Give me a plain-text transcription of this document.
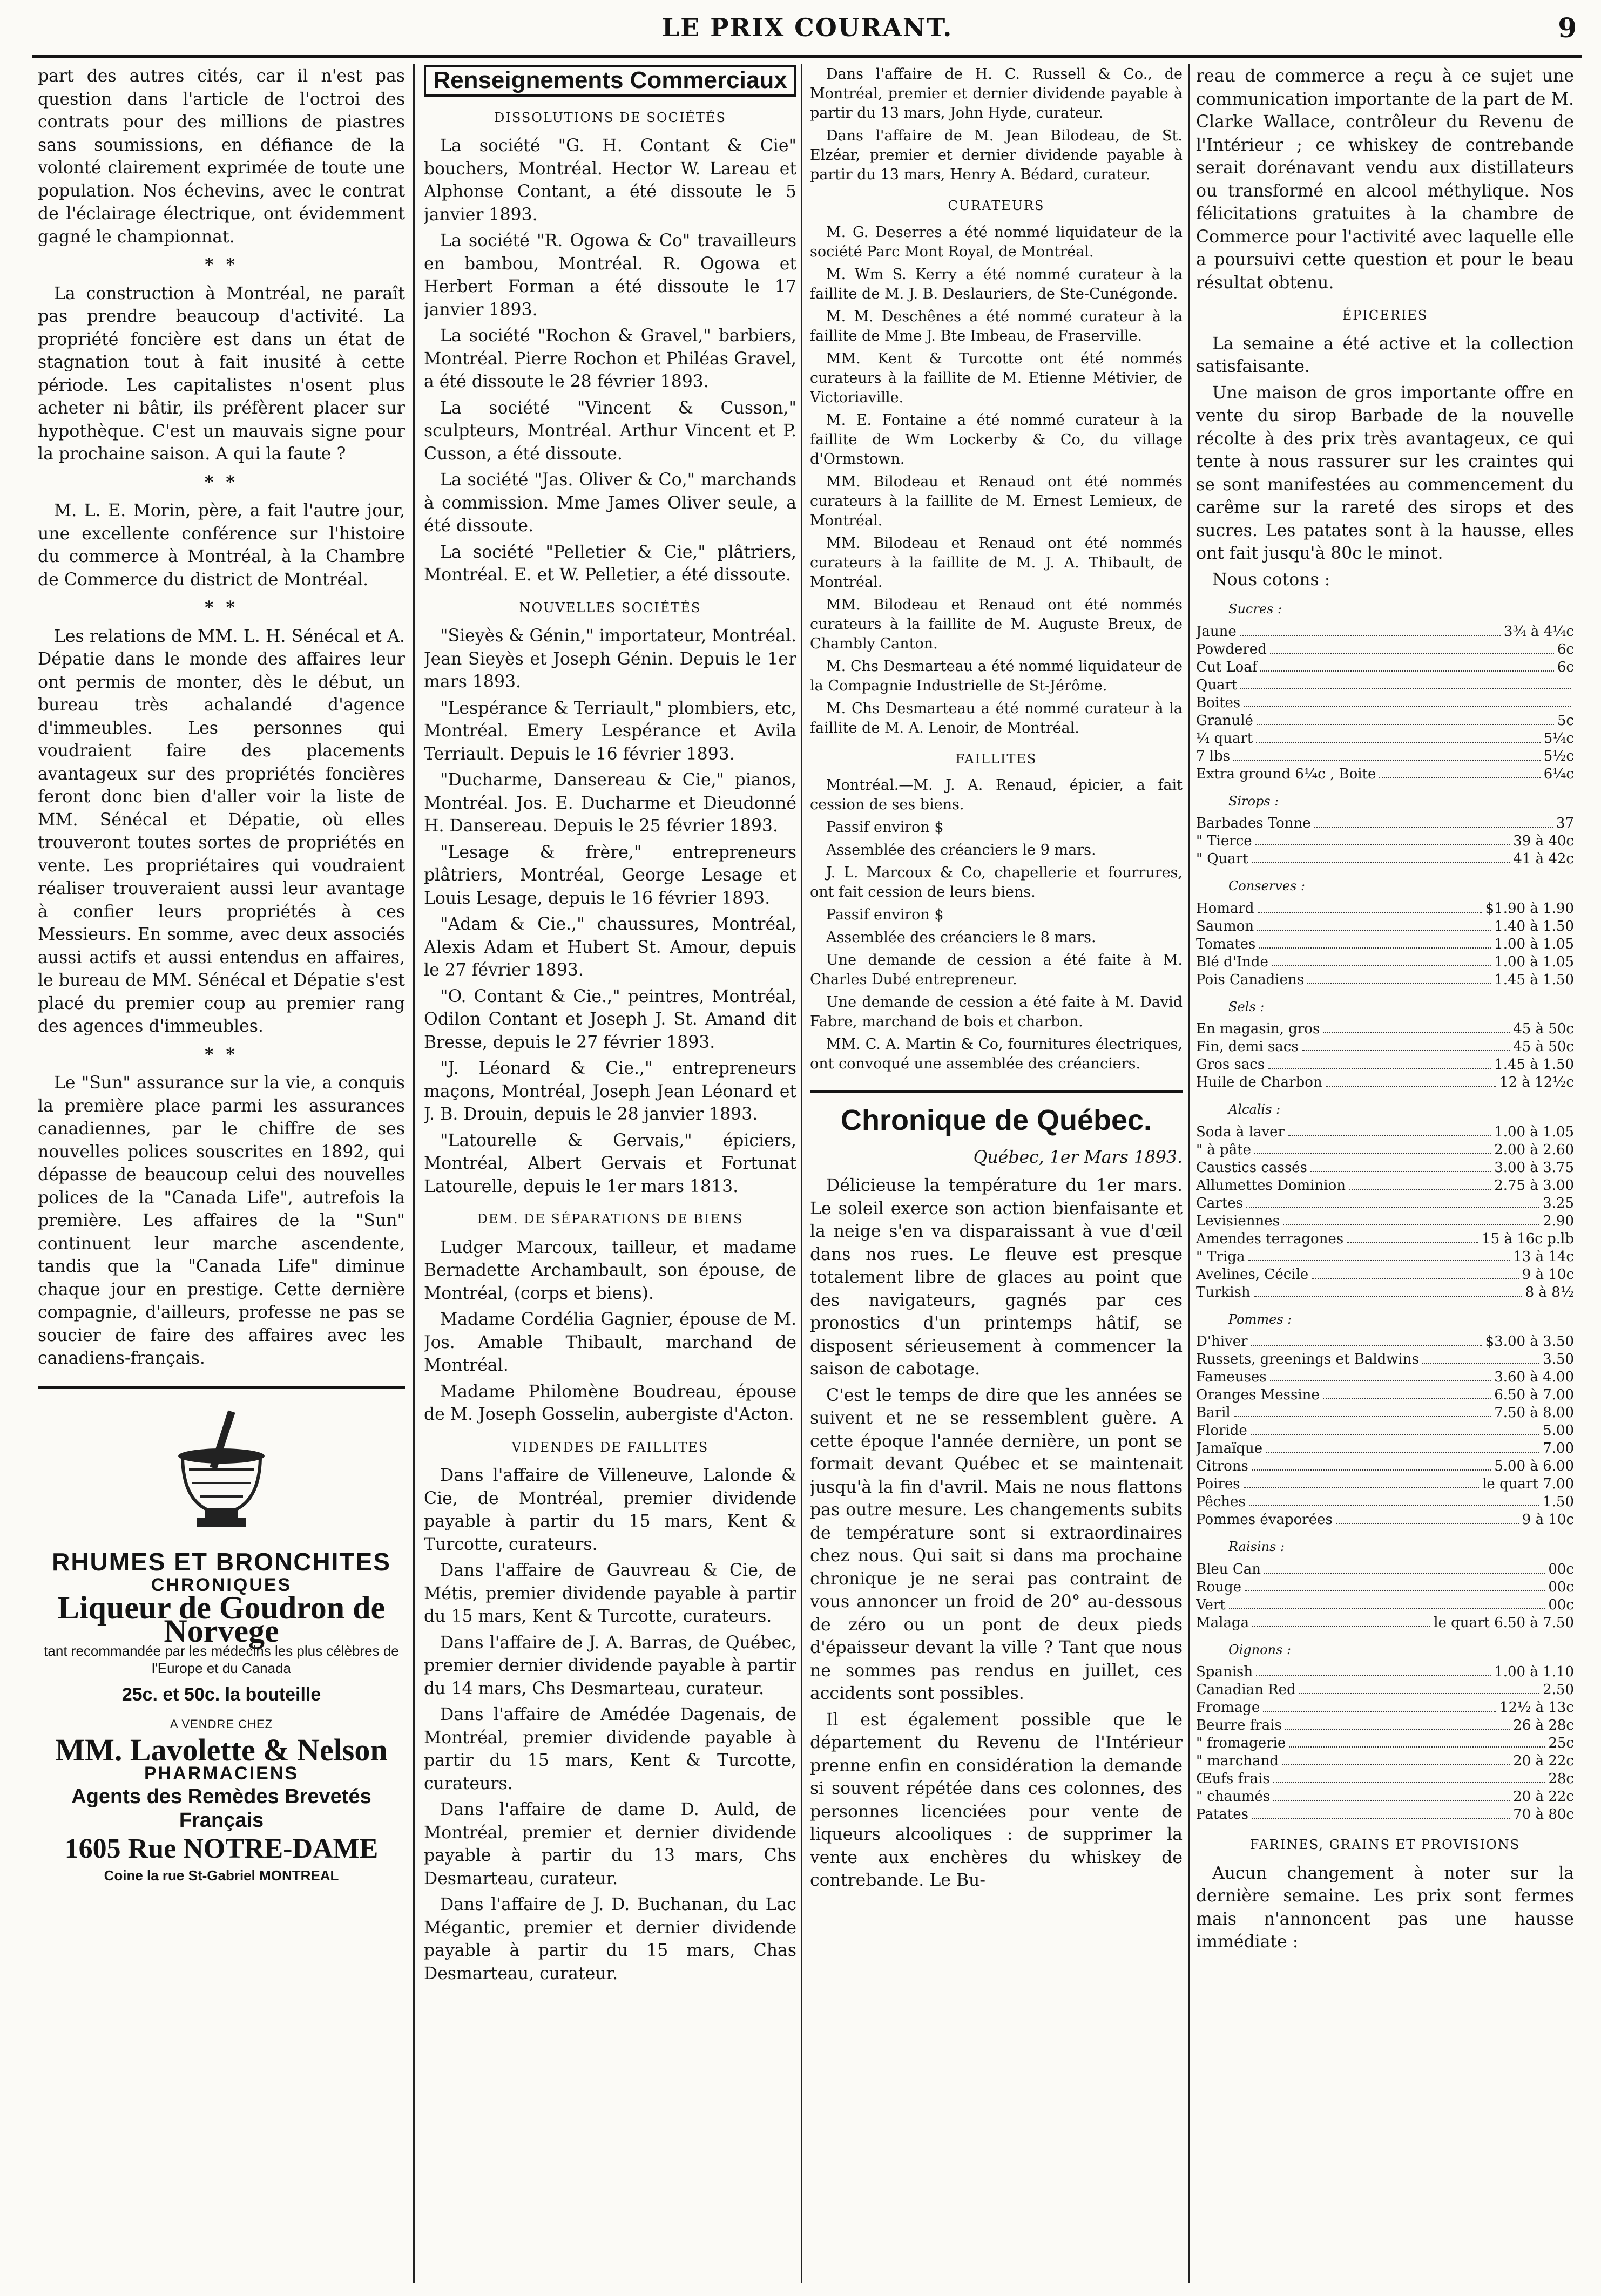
LE PRIX COURANT.	9

part des autres cités, car il n'est pas question dans l'article de l'octroi des contrats pour des millions de piastres sans soumissions, en défiance de la volonté clairement exprimée de toute une population. Nos échevins, avec le contrat de l'éclairage électrique, ont évidemment gagné le championnat.

* *

La construction à Montréal, ne paraît pas prendre beaucoup d'activité. La propriété foncière est dans un état de stagnation tout à fait inusité à cette période. Les capitalistes n'osent plus acheter ni bâtir, ils préfèrent placer sur hypothèque. C'est un mauvais signe pour la prochaine saison. A qui la faute ?

* *

M. L. E. Morin, père, a fait l'autre jour, une excellente conférence sur l'histoire du commerce à Montréal, à la Chambre de Commerce du district de Montréal.

* *

Les relations de MM. L. H. Sénécal et A. Dépatie dans le monde des affaires leur ont permis de monter, dès le début, un bureau très achalandé d'agence d'immeubles. Les personnes qui voudraient faire des placements avantageux sur des propriétés foncières feront donc bien d'aller voir la liste de MM. Sénécal et Dépatie, où elles trouveront toutes sortes de propriétés en vente. Les propriétaires qui voudraient réaliser trouveraient aussi leur avantage à confier leurs propriétés à ces Messieurs. En somme, avec deux associés aussi actifs et aussi entendus en affaires, le bureau de MM. Sénécal et Dépatie s'est placé du premier coup au premier rang des agences d'immeubles.

* *

Le "Sun" assurance sur la vie, a conquis la première place parmi les assurances canadiennes, par le chiffre de ses nouvelles polices souscrites en 1892, qui dépasse de beaucoup celui des nouvelles polices de la "Canada Life", autrefois la première. Les affaires de la "Sun" continuent leur marche ascendente, tandis que la "Canada Life" diminue chaque jour en prestige. Cette dernière compagnie, d'ailleurs, professe ne pas se soucier de faire des affaires avec les canadiens-français.

RHUMES ET BRONCHITES
CHRONIQUES
Liqueur de Goudron de Norvege
tant recommandée par les médecins les plus célèbres de l'Europe et du Canada
25c. et 50c. la bouteille
A VENDRE CHEZ
MM. Lavolette & Nelson
PHARMACIENS
Agents des Remèdes Brevetés Français
1605 Rue NOTRE-DAME
Coine la rue St-Gabriel MONTREAL
Renseignements Commerciaux
DISSOLUTIONS DE SOCIÉTÉS

La société "G. H. Contant & Cie" bouchers, Montréal. Hector W. Lareau et Alphonse Contant, a été dissoute le 5 janvier 1893.

La société "R. Ogowa & Co" travailleurs en bambou, Montréal. R. Ogowa et Herbert Forman a été dissoute le 17 janvier 1893.

La société "Rochon & Gravel," barbiers, Montréal. Pierre Rochon et Philéas Gravel, a été dissoute le 28 février 1893.

La société "Vincent & Cusson," sculpteurs, Montréal. Arthur Vincent et P. Cusson, a été dissoute.

La société "Jas. Oliver & Co," marchands à commission. Mme James Oliver seule, a été dissoute.

La société "Pelletier & Cie," plâtriers, Montréal. E. et W. Pelletier, a été dissoute.

NOUVELLES SOCIÉTÉS

"Sieyès & Génin," importateur, Montréal. Jean Sieyès et Joseph Génin. Depuis le 1er mars 1893.

"Lespérance & Terriault," plombiers, etc, Montréal. Emery Lespérance et Avila Terriault. Depuis le 16 février 1893.

"Ducharme, Dansereau & Cie," pianos, Montréal. Jos. E. Ducharme et Dieudonné H. Dansereau. Depuis le 25 février 1893.

"Lesage & frère," entrepreneurs plâtriers, Montréal, George Lesage et Louis Lesage, depuis le 16 février 1893.

"Adam & Cie.," chaussures, Montréal, Alexis Adam et Hubert St. Amour, depuis le 27 février 1893.

"O. Contant & Cie.," peintres, Montréal, Odilon Contant et Joseph J. St. Amand dit Bresse, depuis le 27 février 1893.

"J. Léonard & Cie.," entrepreneurs maçons, Montréal, Joseph Jean Léonard et J. B. Drouin, depuis le 28 janvier 1893.

"Latourelle & Gervais," épiciers, Montréal, Albert Gervais et Fortunat Latourelle, depuis le 1er mars 1813.

DEM. DE SÉPARATIONS DE BIENS

Ludger Marcoux, tailleur, et madame Bernadette Archambault, son épouse, de Montréal, (corps et biens).

Madame Cordélia Gagnier, épouse de M. Jos. Amable Thibault, marchand de Montréal.

Madame Philomène Boudreau, épouse de M. Joseph Gosselin, aubergiste d'Acton.

VIDENDES DE FAILLITES

Dans l'affaire de Villeneuve, Lalonde & Cie, de Montréal, premier dividende payable à partir du 15 mars, Kent & Turcotte, curateurs.

Dans l'affaire de Gauvreau & Cie, de Métis, premier dividende payable à partir du 15 mars, Kent & Turcotte, curateurs.

Dans l'affaire de J. A. Barras, de Québec, premier dernier dividende payable à partir du 14 mars, Chs Desmarteau, curateur.

Dans l'affaire de Amédée Dagenais, de Montréal, premier dividende payable à partir du 15 mars, Kent & Turcotte, curateurs.

Dans l'affaire de dame D. Auld, de Montréal, premier et dernier dividende payable à partir du 13 mars, Chs Desmarteau, curateur.

Dans l'affaire de J. D. Buchanan, du Lac Mégantic, premier et dernier dividende payable à partir du 15 mars, Chas Desmarteau, curateur.

Dans l'affaire de H. C. Russell & Co., de Montréal, premier et dernier dividende payable à partir du 13 mars, John Hyde, curateur.

Dans l'affaire de M. Jean Bilodeau, de St. Elzéar, premier et dernier dividende payable à partir du 13 mars, Henry A. Bédard, curateur.

CURATEURS

M. G. Deserres a été nommé liquidateur de la société Parc Mont Royal, de Montréal.

M. Wm S. Kerry a été nommé curateur à la faillite de M. J. B. Deslauriers, de Ste-Cunégonde.

M. M. Deschênes a été nommé curateur à la faillite de Mme J. Bte Imbeau, de Fraserville.

MM. Kent & Turcotte ont été nommés curateurs à la faillite de M. Etienne Métivier, de Victoriaville.

M. E. Fontaine a été nommé curateur à la faillite de Wm Lockerby & Co, du village d'Ormstown.

MM. Bilodeau et Renaud ont été nommés curateurs à la faillite de M. Ernest Lemieux, de Montréal.

MM. Bilodeau et Renaud ont été nommés curateurs à la faillite de M. J. A. Thibault, de Montréal.

MM. Bilodeau et Renaud ont été nommés curateurs à la faillite de M. Auguste Breux, de Chambly Canton.

M. Chs Desmarteau a été nommé liquidateur de la Compagnie Industrielle de St-Jérôme.

M. Chs Desmarteau a été nommé curateur à la faillite de M. A. Lenoir, de Montréal.

FAILLITES

Montréal.—M. J. A. Renaud, épicier, a fait cession de ses biens.

Passif environ $

Assemblée des créanciers le 9 mars.

J. L. Marcoux & Co, chapellerie et fourrures, ont fait cession de leurs biens.

Passif environ $

Assemblée des créanciers le 8 mars.

Une demande de cession a été faite à M. Charles Dubé entrepreneur.

Une demande de cession a été faite à M. David Fabre, marchand de bois et charbon.

MM. C. A. Martin & Co, fournitures électriques, ont convoqué une assemblée des créanciers.

Chronique de Québec.
Québec, 1er Mars 1893.

Délicieuse la température du 1er mars. Le soleil exerce son action bienfaisante et la neige s'en va disparaissant à vue d'œil dans nos rues. Le fleuve est presque totalement libre de glaces au point que des navigateurs, gagnés par ces pronostics d'un printemps hâtif, se disposent sérieusement à commencer la saison de cabotage.

C'est le temps de dire que les années se suivent et ne se ressemblent guère. A cette époque l'année dernière, un pont se formait devant Québec et se maintenait jusqu'à la fin d'avril. Mais ne nous flattons pas outre mesure. Les changements subits de température sont si extraordinaires chez nous. Qui sait si dans ma prochaine chronique je ne serai pas contraint de vous annoncer un froid de 20° au-dessous de zéro ou un pont de deux pieds d'épaisseur devant la ville ? Tant que nous ne sommes pas rendus en juillet, ces accidents sont possibles.

Il est également possible que le département du Revenu de l'Intérieur prenne enfin en considération la demande si souvent répétée dans ces colonnes, des personnes licenciées pour vente de liqueurs alcooliques : de supprimer la vente aux enchères du whiskey de contrebande. Le Bu-

reau de commerce a reçu à ce sujet une communication importante de la part de M. Clarke Wallace, contrôleur du Revenu de l'Intérieur ; ce whiskey de contrebande serait dorénavant vendu aux distillateurs ou transformé en alcool méthylique. Nos félicitations gratuites à la chambre de Commerce pour l'activité avec laquelle elle a poursuivi cette question et pour le beau résultat obtenu.

ÉPICERIES

La semaine a été active et la collection satisfaisante.

Une maison de gros importante offre en vente du sirop Barbade de la nouvelle récolte à des prix très avantageux, ce qui tente à nous rassurer sur les craintes qui se sont manifestées au commencement du carême sur la rareté des sirops et des sucres. Les patates sont à la hausse, elles ont fait jusqu'à 80c le minot.

Nous cotons :

Sucres :
Jaune	3¾ à 4¼c
Powdered	6c
Cut Loaf	6c
Quart
Boites
Granulé	5c
¼ quart	5¼c
7 lbs	5½c
Extra ground 6¼c , Boite	6¼c
Sirops :
Barbades Tonne	37
" Tierce	39 à 40c
" Quart	41 à 42c
Conserves :
Homard	$1.90 à 1.90
Saumon	1.40 à 1.50
Tomates	1.00 à 1.05
Blé d'Inde	1.00 à 1.05
Pois Canadiens	1.45 à 1.50
Sels :
En magasin, gros	45 à 50c
Fin, demi sacs	45 à 50c
Gros sacs	1.45 à 1.50
Huile de Charbon	12 à 12½c
Alcalis :
Soda à laver	1.00 à 1.05
" à pâte	2.00 à 2.60
Caustics cassés	3.00 à 3.75
Allumettes Dominion	2.75 à 3.00
Cartes	3.25
Levisiennes	2.90
Amendes terragones	15 à 16c p.lb
" Triga	13 à 14c
Avelines, Cécile	9 à 10c
Turkish	8 à 8½
Pommes :
D'hiver	$3.00 à 3.50
Russets, greenings et Baldwins	3.50
Fameuses	3.60 à 4.00
Oranges Messine	6.50 à 7.00
Baril	7.50 à 8.00
Floride	5.00
Jamaïque	7.00
Citrons	5.00 à 6.00
Poires	le quart 7.00
Pêches	1.50
Pommes évaporées	9 à 10c
Raisins :
Bleu Can	00c
Rouge	00c
Vert	00c
Malaga	le quart 6.50 à 7.50
Oignons :
Spanish	1.00 à 1.10
Canadian Red	2.50
Fromage	12½ à 13c
Beurre frais	26 à 28c
" fromagerie	25c
" marchand	20 à 22c
Œufs frais	28c
" chaumés	20 à 22c
Patates	70 à 80c
FARINES, GRAINS ET PROVISIONS

Aucun changement à noter sur la dernière semaine. Les prix sont fermes mais n'annoncent pas une hausse immédiate :
